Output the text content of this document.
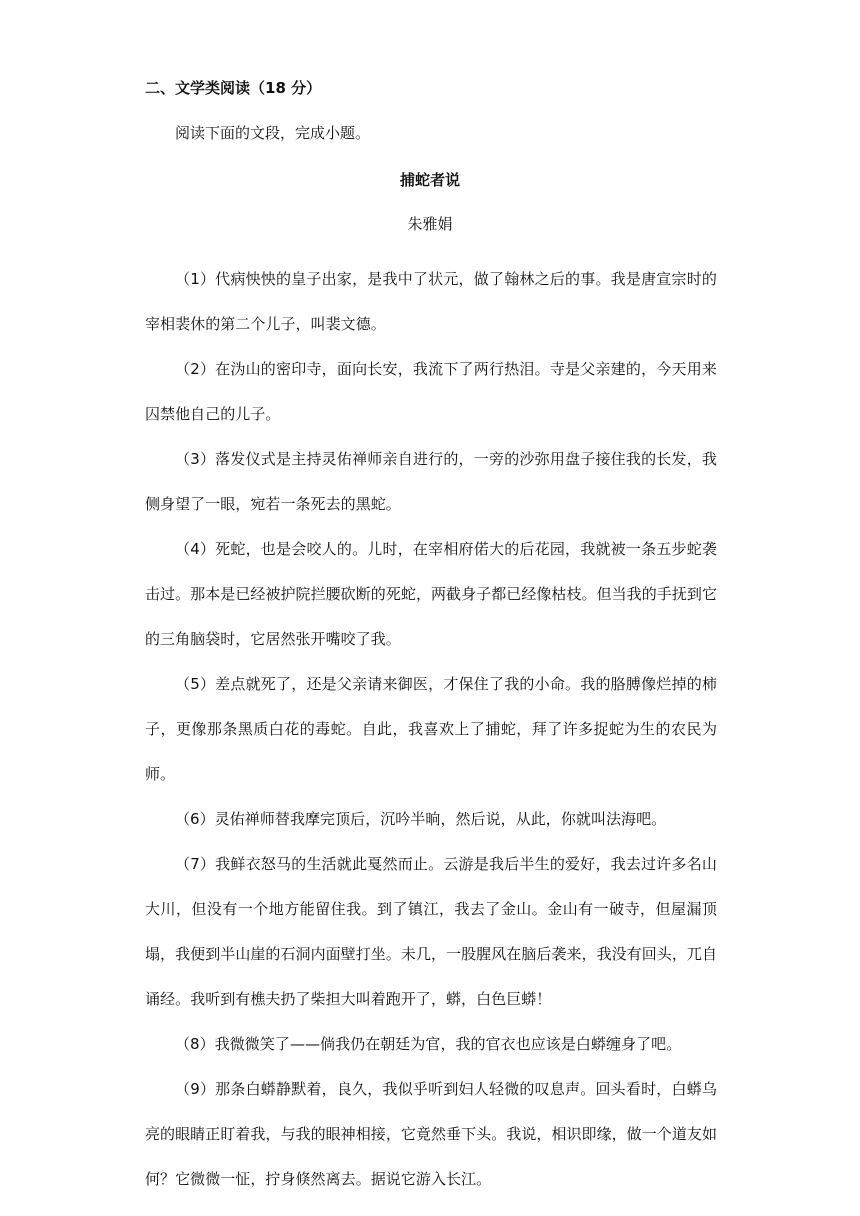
二、文学类阅读（18 分）
阅读下面的文段，完成小题。
捕蛇者说
朱雅娟

（1）代病怏怏的皇子出家，是我中了状元，做了翰林之后的事。我是唐宣宗时的宰相裴休的第二个儿子，叫裴文德。

（2）在沩山的密印寺，面向长安，我流下了两行热泪。寺是父亲建的，今天用来囚禁他自己的儿子。

（3）落发仪式是主持灵佑禅师亲自进行的，一旁的沙弥用盘子接住我的长发，我侧身望了一眼，宛若一条死去的黑蛇。

（4）死蛇，也是会咬人的。儿时，在宰相府偌大的后花园，我就被一条五步蛇袭击过。那本是已经被护院拦腰砍断的死蛇，两截身子都已经像枯枝。但当我的手抚到它的三角脑袋时，它居然张开嘴咬了我。

（5）差点就死了，还是父亲请来御医，才保住了我的小命。我的胳膊像烂掉的柿子，更像那条黑质白花的毒蛇。自此，我喜欢上了捕蛇，拜了许多捉蛇为生的农民为师。

（6）灵佑禅师替我摩完顶后，沉吟半晌，然后说，从此，你就叫法海吧。

（7）我鲜衣怒马的生活就此戛然而止。云游是我后半生的爱好，我去过许多名山大川，但没有一个地方能留住我。到了镇江，我去了金山。金山有一破寺，但屋漏顶塌，我便到半山崖的石洞内面壁打坐。未几，一股腥风在脑后袭来，我没有回头，兀自诵经。我听到有樵夫扔了柴担大叫着跑开了，蟒，白色巨蟒！

（8）我微微笑了——倘我仍在朝廷为官，我的官衣也应该是白蟒缠身了吧。

（9）那条白蟒静默着，良久，我似乎听到妇人轻微的叹息声。回头看时，白蟒乌亮的眼睛正盯着我，与我的眼神相接，它竟然垂下头。我说，相识即缘，做一个道友如何？它微微一怔，拧身倏然离去。据说它游入长江。
